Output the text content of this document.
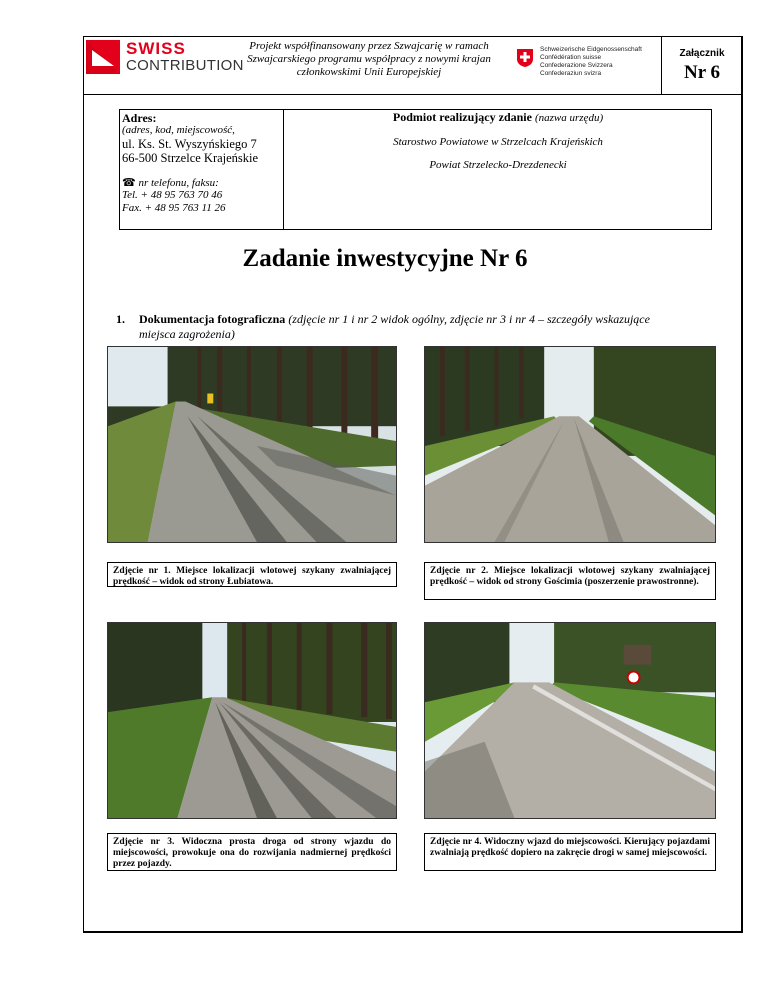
SWISS
CONTRIBUTION
Projekt współfinansowany przez Szwajcarię w ramach
Szwajcarskiego programu współpracy z nowymi krajan
członkowskimi Unii Europejskiej
Schweizerische Eidgenossenschaft
Confédération suisse
Confederazione Svizzera
Confederaziun svizra
Załącznik
Nr 6
Adres:
(adres, kod, miejscowość,
ul. Ks. St. Wyszyńskiego 7
66-500 Strzelce Krajeńskie
☎ nr telefonu, faksu:
Tel. + 48 95 763 70 46
Fax. + 48 95 763 11 26
Podmiot realizujący zdanie (nazwa urzędu)
Starostwo Powiatowe w Strzelcach Krajeńskich
Powiat Strzelecko-Drezdenecki
Zadanie inwestycyjne Nr 6
1. Dokumentacja fotograficzna (zdjęcie nr 1 i nr 2 widok ogólny, zdjęcie nr 3 i nr 4 – szczegóły wskazujące miejsca zagrożenia)
Zdjęcie nr 1. Miejsce lokalizacji wlotowej szykany zwalniającej prędkość – widok od strony Łubiatowa.
Zdjęcie nr 2. Miejsce lokalizacji wlotowej szykany zwalniającej prędkość – widok od strony Gościmia (poszerzenie prawostronne).
Zdjęcie nr 3. Widoczna prosta droga od strony wjazdu do miejscowości, prowokuje ona do rozwijania nadmiernej prędkości przez pojazdy.
Zdjęcie nr 4. Widoczny wjazd do miejscowości. Kierujący pojazdami zwalniają prędkość dopiero na zakręcie drogi w samej miejscowości.
